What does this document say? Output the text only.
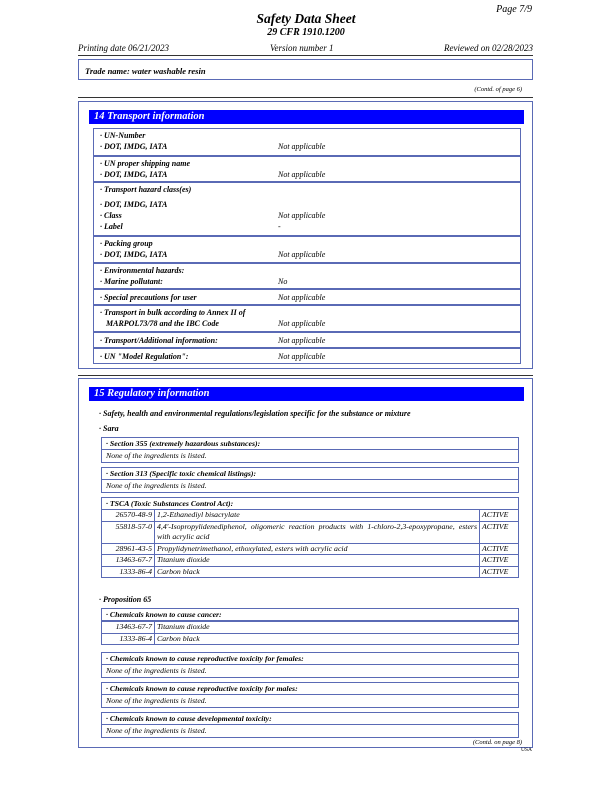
Page 7/9
Safety Data Sheet
29 CFR 1910.1200
Printing date 06/21/2023	Version number 1	Reviewed on 02/28/2023
Trade name: water washable resin
(Contd. of page 6)
14 Transport information
· UN-Number
· DOT, IMDG, IATA	Not applicable
· UN proper shipping name
· DOT, IMDG, IATA	Not applicable
· Transport hazard class(es)
· DOT, IMDG, IATA
· Class	Not applicable
· Label	-
· Packing group
· DOT, IMDG, IATA	Not applicable
· Environmental hazards:
· Marine pollutant:	No
· Special precautions for user	Not applicable
· Transport in bulk according to Annex II of
MARPOL73/78 and the IBC Code	Not applicable
· Transport/Additional information:	Not applicable
· UN "Model Regulation":	Not applicable
15 Regulatory information
· Safety, health and environmental regulations/legislation specific for the substance or mixture
· Sara
· Section 355 (extremely hazardous substances):
None of the ingredients is listed.
· Section 313 (Specific toxic chemical listings):
None of the ingredients is listed.
· TSCA (Toxic Substances Control Act):
26570-48-9	1,2-Ethanediyl bisacrylate	ACTIVE
55818-57-0	4,4'-Isopropylidenediphenol, oligomeric reaction products with 1-chloro-2,3-epoxypropane, esters with acrylic acid	ACTIVE
28961-43-5	Propylidynetrimethanol, ethoxylated, esters with acrylic acid	ACTIVE
13463-67-7	Titanium dioxide	ACTIVE
1333-86-4	Carbon black	ACTIVE
· Proposition 65
· Chemicals known to cause cancer:
13463-67-7	Titanium dioxide
1333-86-4	Carbon black
· Chemicals known to cause reproductive toxicity for females:
None of the ingredients is listed.
· Chemicals known to cause reproductive toxicity for males:
None of the ingredients is listed.
· Chemicals known to cause developmental toxicity:
None of the ingredients is listed.
(Contd. on page 8)
USA
